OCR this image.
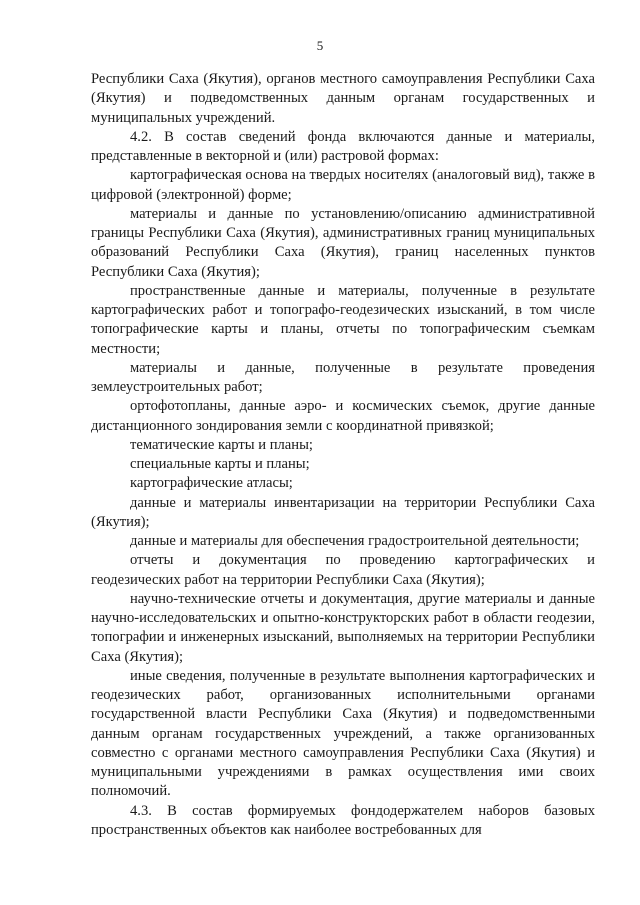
5

Республики Саха (Якутия), органов местного самоуправления Республики Саха (Якутия) и подведомственных данным органам государственных и муниципальных учреждений.

4.2. В состав сведений фонда включаются данные и материалы, представленные в векторной и (или) растровой формах:

картографическая основа на твердых носителях (аналоговый вид), также в цифровой (электронной) форме;

материалы и данные по установлению/описанию административной границы Республики Саха (Якутия), административных границ муниципальных образований Республики Саха (Якутия), границ населенных пунктов Республики Саха (Якутия);

пространственные данные и материалы, полученные в результате картографических работ и топографо-геодезических изысканий, в том числе топографические карты и планы, отчеты по топографическим съемкам местности;

материалы и данные, полученные в результате проведения землеустроительных работ;

ортофотопланы, данные аэро- и космических съемок, другие данные дистанционного зондирования земли с координатной привязкой;

тематические карты и планы;

специальные карты и планы;

картографические атласы;

данные и материалы инвентаризации на территории Республики Саха (Якутия);

данные и материалы для обеспечения градостроительной деятельности;

отчеты и документация по проведению картографических и геодезических работ на территории Республики Саха (Якутия);

научно-технические отчеты и документация, другие материалы и данные научно-исследовательских и опытно-конструкторских работ в области геодезии, топографии и инженерных изысканий, выполняемых на территории Республики Саха (Якутия);

иные сведения, полученные в результате выполнения картографических и геодезических работ, организованных исполнительными органами государственной власти Республики Саха (Якутия) и подведомственными данным органам государственных учреждений, а также организованных совместно с органами местного самоуправления Республики Саха (Якутия) и муниципальными учреждениями в рамках осуществления ими своих полномочий.

4.3. В состав формируемых фондодержателем наборов базовых пространственных объектов как наиболее востребованных для
